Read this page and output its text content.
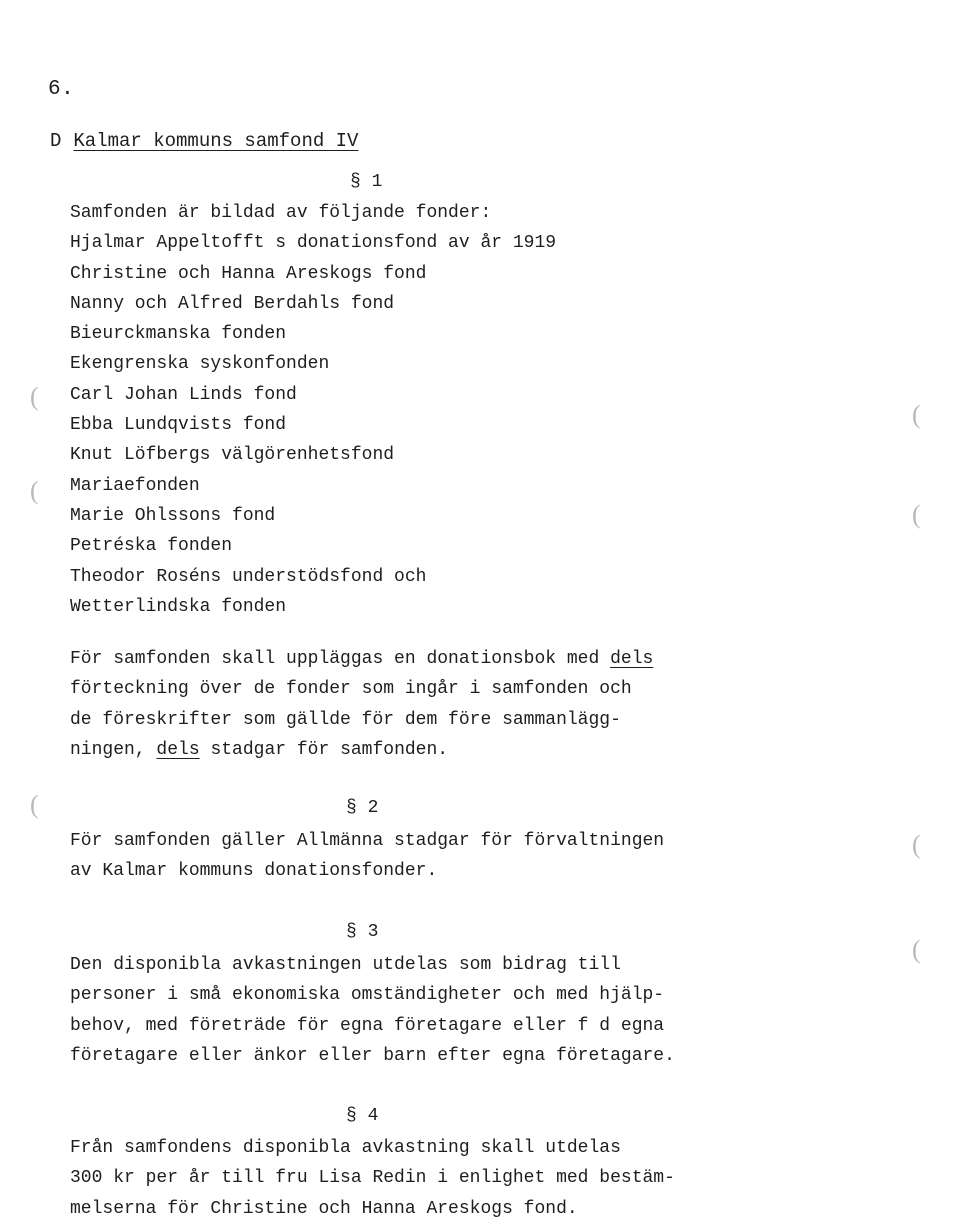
6.
D Kalmar kommuns samfond IV
§ 1
Samfonden är bildad av följande fonder:
Hjalmar Appeltofft s donationsfond av år 1919
Christine och Hanna Areskogs fond
Nanny och Alfred Berdahls fond
Bieurckmanska fonden
Ekengrenska syskonfonden
Carl Johan Linds fond
Ebba Lundqvists fond
Knut Löfbergs välgörenhetsfond
Mariaefonden
Marie Ohlssons fond
Petréska fonden
Theodor Roséns understödsfond och
Wetterlindska fonden
För samfonden skall uppläggas en donationsbok med dels
förteckning över de fonder som ingår i samfonden och
de föreskrifter som gällde för dem före sammanlägg-
ningen, dels stadgar för samfonden.
§ 2
För samfonden gäller Allmänna stadgar för förvaltningen
av Kalmar kommuns donationsfonder.
§ 3
Den disponibla avkastningen utdelas som bidrag till
personer i små ekonomiska omständigheter och med hjälp-
behov, med företräde för egna företagare eller f d egna
företagare eller änkor eller barn efter egna företagare.
§ 4
Från samfondens disponibla avkastning skall utdelas
300 kr per år till fru Lisa Redin i enlighet med bestäm-
melserna för Christine och Hanna Areskogs fond.
(
(
(
(
(
(
(
